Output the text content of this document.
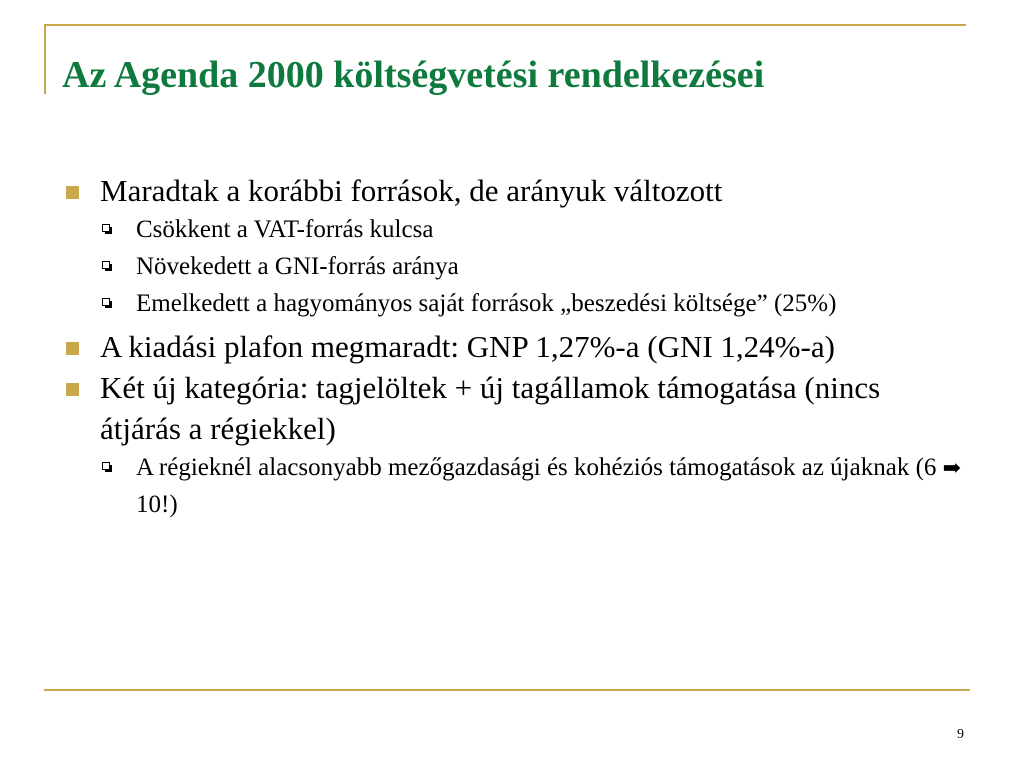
Az Agenda 2000 költségvetési rendelkezései
Maradtak a korábbi források, de arányuk változott
Csökkent a VAT-forrás kulcsa
Növekedett a GNI-forrás aránya
Emelkedett a hagyományos saját források „beszedési költsége” (25%)
A kiadási plafon megmaradt: GNP 1,27%-a (GNI 1,24%-a)
Két új kategória: tagjelöltek + új tagállamok támogatása (nincs átjárás a régiekkel)
A régieknél alacsonyabb mezőgazdasági és kohéziós támogatások az újaknak (6 ➡ 10!)
9
